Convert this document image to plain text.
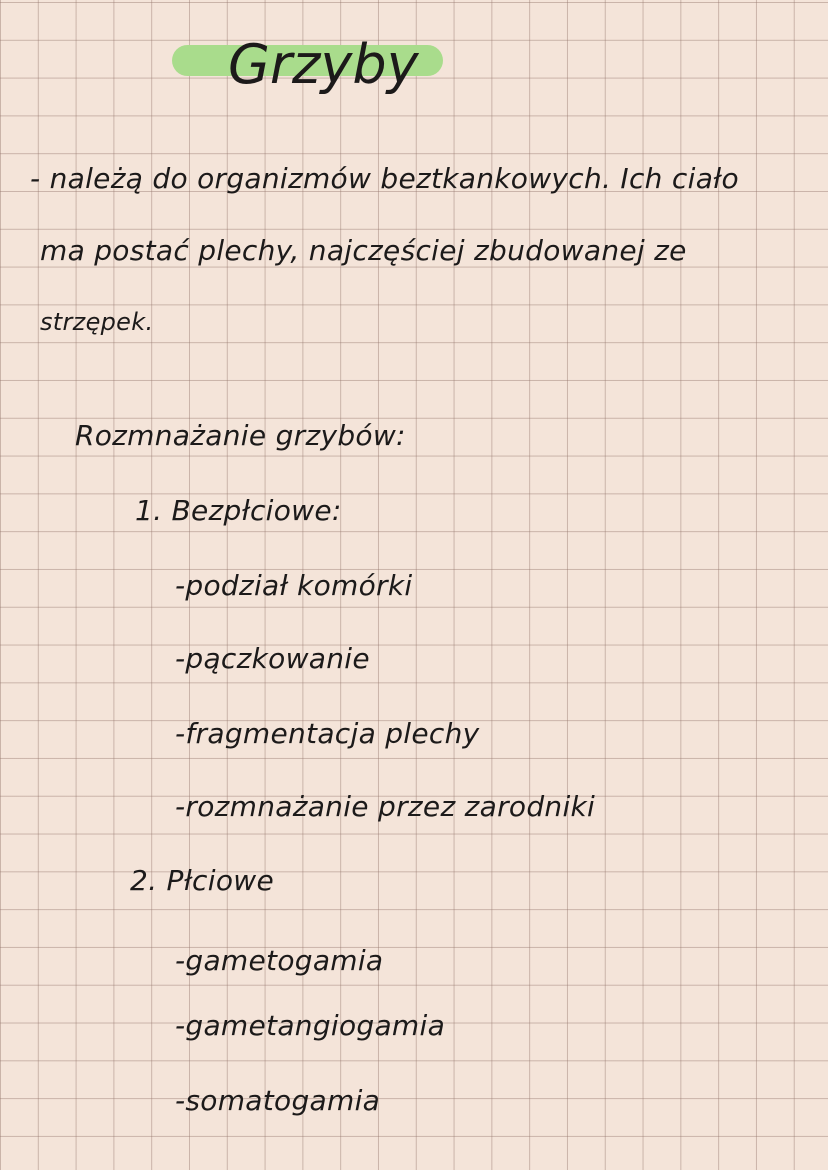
Grzyby
- należą do organizmów beztkankowych. Ich ciało
ma postać plechy, najczęściej zbudowanej ze
strzępek.
Rozmnażanie grzybów:
1. Bezpłciowe:
-podział komórki
-pączkowanie
-fragmentacja plechy
-rozmnażanie przez zarodniki
2. Płciowe
-gametogamia
-gametangiogamia
-somatogamia
